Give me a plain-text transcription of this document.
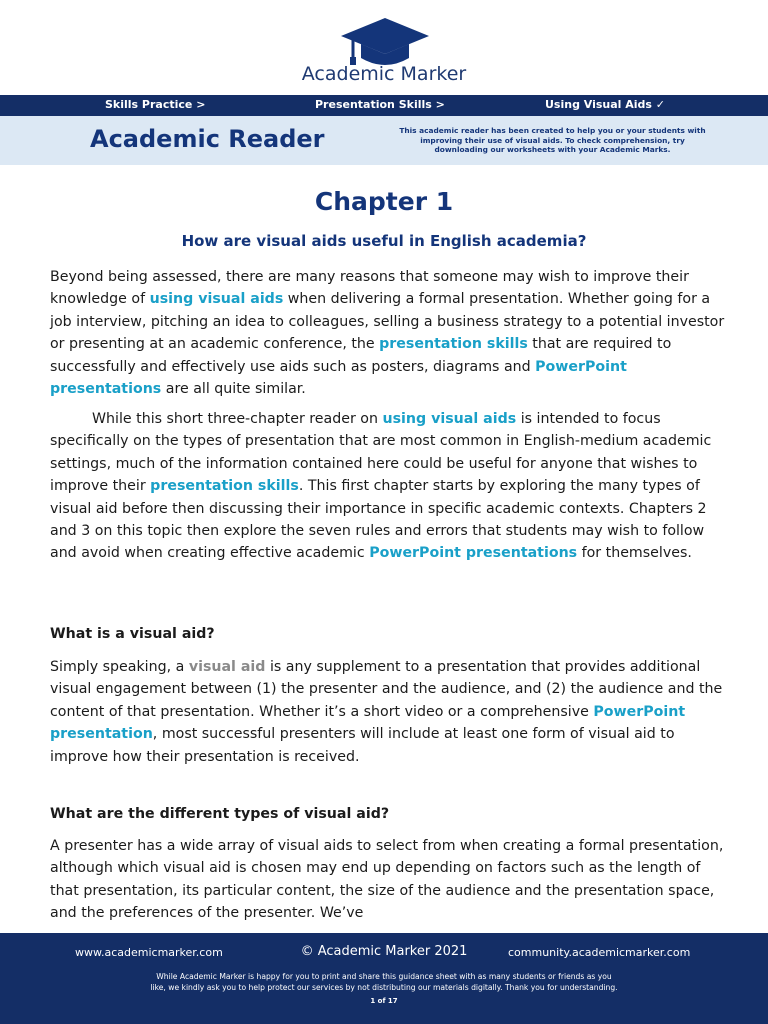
Academic Marker
Skills Practice >	Presentation Skills >	Using Visual Aids ✓
Academic Reader	This academic reader has been created to help you or your students with
improving their use of visual aids. To check comprehension, try
downloading our worksheets with your Academic Marks.
Chapter 1
How are visual aids useful in English academia?
Beyond being assessed, there are many reasons that someone may wish to improve their knowledge of using visual aids when delivering a formal presentation. Whether going for a job interview, pitching an idea to colleagues, selling a business strategy to a potential investor or presenting at an academic conference, the presentation skills that are required to successfully and effectively use aids such as posters, diagrams and PowerPoint presentations are all quite similar.
While this short three-chapter reader on using visual aids is intended to focus specifically on the types of presentation that are most common in English-medium academic settings, much of the information contained here could be useful for anyone that wishes to improve their presentation skills. This first chapter starts by exploring the many types of visual aid before then discussing their importance in specific academic contexts. Chapters 2 and 3 on this topic then explore the seven rules and errors that students may wish to follow and avoid when creating effective academic PowerPoint presentations for themselves.
What is a visual aid?
Simply speaking, a visual aid is any supplement to a presentation that provides additional visual engagement between (1) the presenter and the audience, and (2) the audience and the content of that presentation. Whether it’s a short video or a comprehensive PowerPoint presentation, most successful presenters will include at least one form of visual aid to improve how their presentation is received.
What are the different types of visual aid?
A presenter has a wide array of visual aids to select from when creating a formal presentation, although which visual aid is chosen may end up depending on factors such as the length of that presentation, its particular content, the size of the audience and the presentation space, and the preferences of the presenter. We’ve
www.academicmarker.com	© Academic Marker 2021	community.academicmarker.com
While Academic Marker is happy for you to print and share this guidance sheet with as many students or friends as you
like, we kindly ask you to help protect our services by not distributing our materials digitally. Thank you for understanding.
1 of 17
